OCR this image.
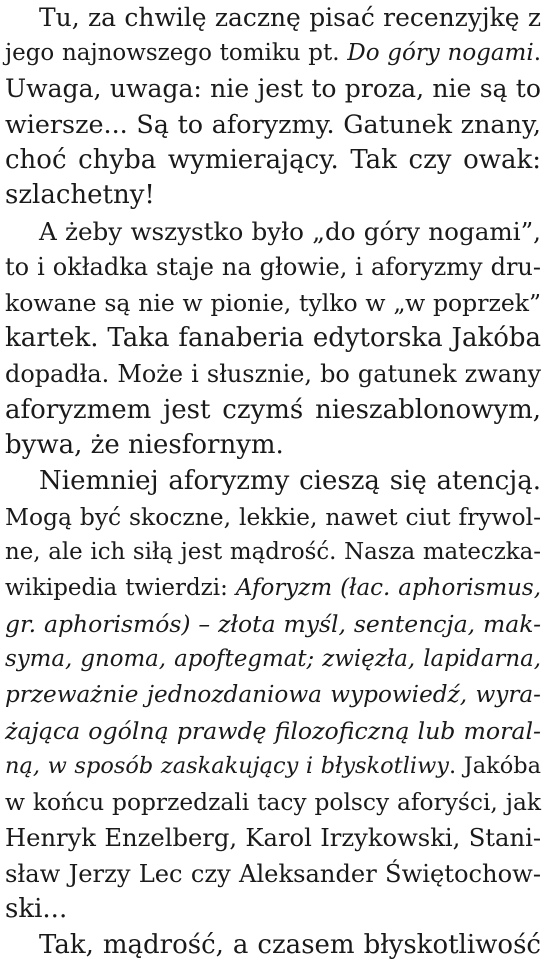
Tu, za chwilę zacznę pisać recenzyjkę z
jego najnowszego tomiku pt. Do góry nogami.
Uwaga, uwaga: nie jest to proza, nie są to
wiersze... Są to aforyzmy. Gatunek znany,
choć chyba wymierający. Tak czy owak:
szlachetny!
A żeby wszystko było „do góry nogami”,
to i okładka staje na głowie, i aforyzmy dru-
kowane są nie w pionie, tylko w „w poprzek”
kartek. Taka fanaberia edytorska Jakóba
dopadła. Może i słusznie, bo gatunek zwany
aforyzmem jest czymś nieszablonowym,
bywa, że niesfornym.
Niemniej aforyzmy cieszą się atencją.
Mogą być skoczne, lekkie, nawet ciut frywol-
ne, ale ich siłą jest mądrość. Nasza mateczka-
wikipedia twierdzi: Aforyzm (łac. aphorismus,
gr. aphorismós) – złota myśl, sentencja, mak-
syma, gnoma, apoftegmat; zwięzła, lapidarna,
przeważnie jednozdaniowa wypowiedź, wyra-
żająca ogólną prawdę filozoficzną lub moral-
ną, w sposób zaskakujący i błyskotliwy. Jakóba
w końcu poprzedzali tacy polscy aforyści, jak
Henryk Enzelberg, Karol Irzykowski, Stani-
sław Jerzy Lec czy Aleksander Świętochow-
ski...
Tak, mądrość, a czasem błyskotliwość
